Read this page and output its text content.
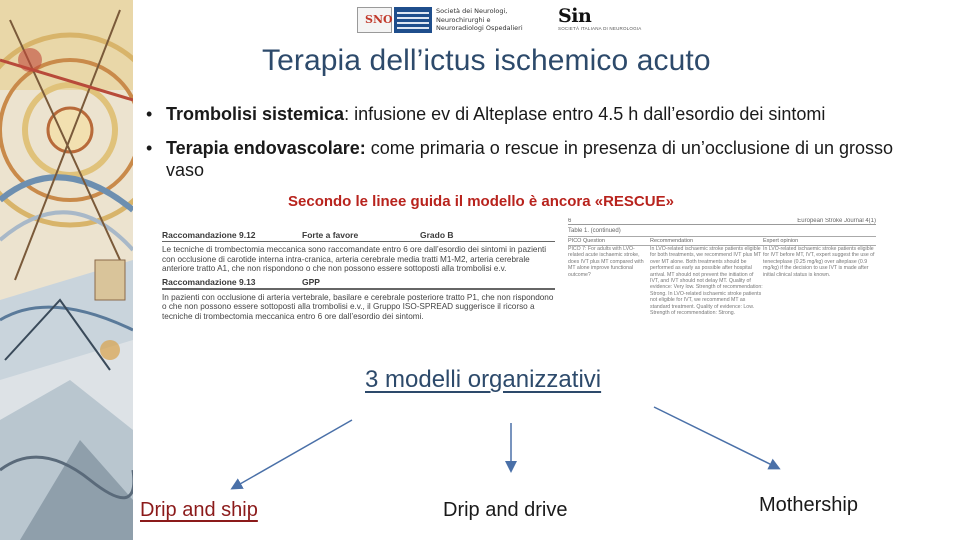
SNO
Società dei Neurologi,
Neurochirurghi e
Neuroradiologi Ospedalieri
Sin
SOCIETÀ ITALIANA DI NEUROLOGIA
Terapia dell’ictus ischemico acuto
• Trombolisi sistemica: infusione ev di Alteplase entro 4.5 h dall’esordio dei sintomi
• Terapia endovascolare: come primaria o rescue in presenza di un’occlusione di un grosso vaso
Secondo le linee guida il modello è ancora «RESCUE»
Raccomandazione 9.12	Forte a favore	Grado B
Le tecniche di trombectomia meccanica sono raccomandate entro 6 ore dall’esordio dei sintomi in pazienti con occlusione di carotide interna intra-cranica, arteria cerebrale media tratti M1-M2, arteria cerebrale anteriore tratto A1, che non rispondono o che non possono essere sottoposti alla trombolisi e.v.
Raccomandazione 9.13	GPP
In pazienti con occlusione di arteria vertebrale, basilare e cerebrale posteriore tratto P1, che non rispondono o che non possono essere sottoposti alla trombolisi e.v., il Gruppo ISO-SPREAD suggerisce il ricorso a tecniche di trombectomia meccanica entro 6 ore dall’esordio dei sintomi.
6	European Stroke Journal 4(1)
Table 1. (continued)
PICO Question	Recommendation	Expert opinion
PICO 7: For adults with LVO-related acute ischaemic stroke, does IVT plus MT compared with MT alone improve functional outcome?
In LVO-related ischaemic stroke patients eligible for both treatments, we recommend IVT plus MT over MT alone. Both treatments should be performed as early as possible after hospital arrival. MT should not prevent the initiation of IVT, and IVT should not delay MT. Quality of evidence: Very low. Strength of recommendation: Strong. In LVO-related ischaemic stroke patients not eligible for IVT, we recommend MT as standard treatment. Quality of evidence: Low. Strength of recommendation: Strong.
In LVO-related ischaemic stroke patients eligible for IVT before MT, IVT, expert suggest the use of tenecteplase (0.25 mg/kg) over alteplase (0.9 mg/kg) if the decision to use IVT is made after initial clinical status is known.
3 modelli organizzativi
Drip and ship	Drip and drive	Mothership
